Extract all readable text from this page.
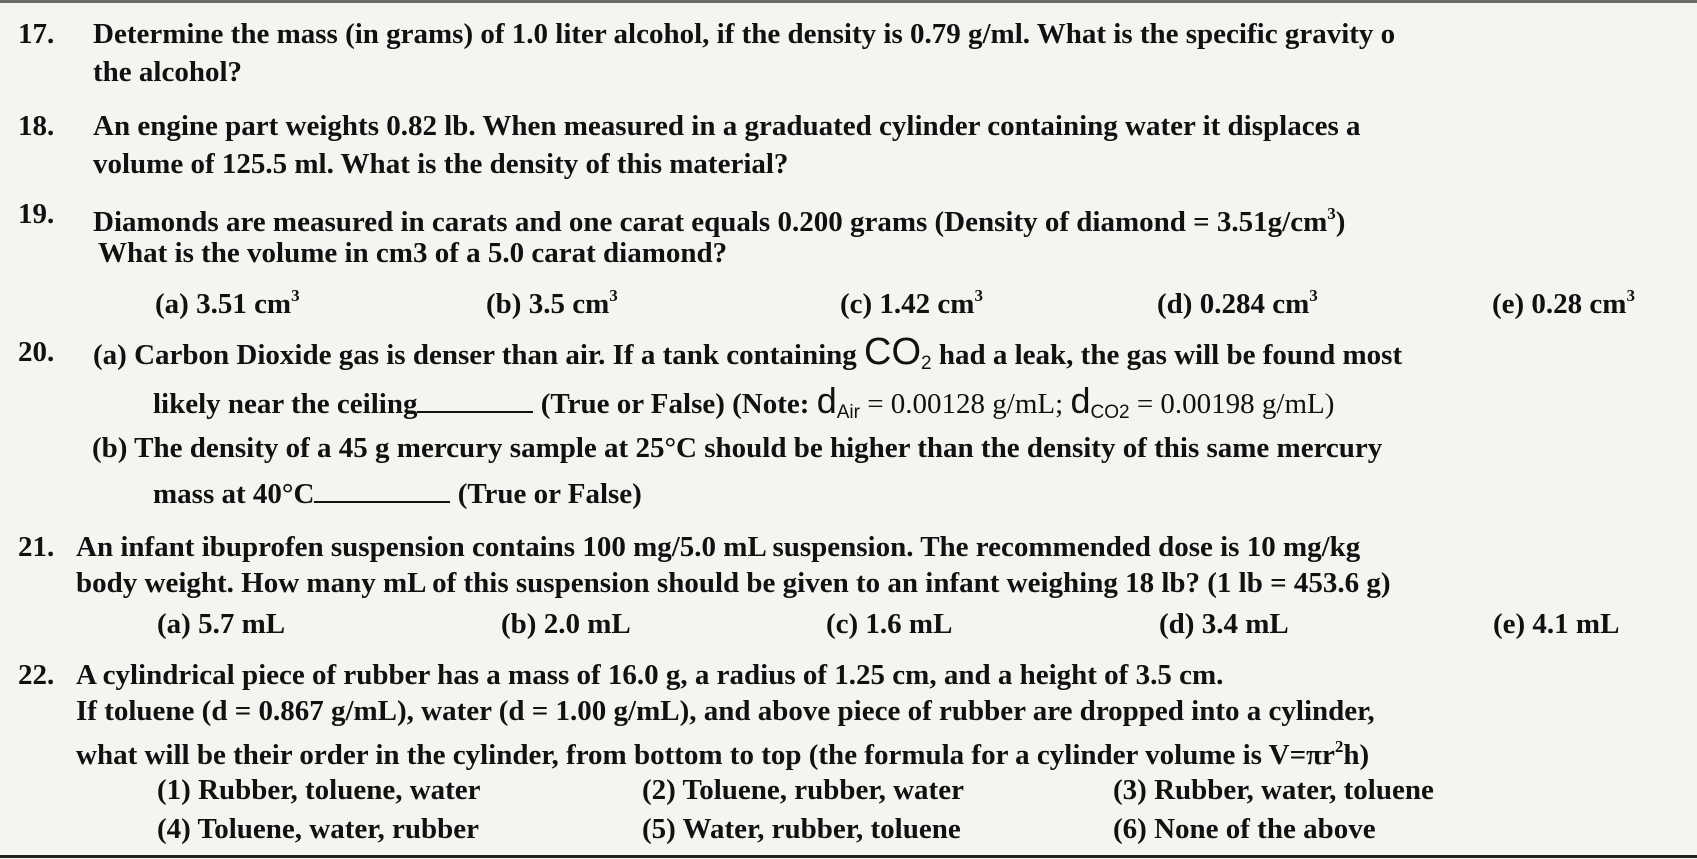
17. Determine the mass (in grams) of 1.0 liter alcohol, if the density is 0.79 g/ml. What is the specific gravity o
the alcohol?
18. An engine part weights 0.82 lb. When measured in a graduated cylinder containing water it displaces a
volume of 125.5 ml. What is the density of this material?
19. Diamonds are measured in carats and one carat equals 0.200 grams (Density of diamond = $3.51g/cm^3$)
What is the volume in cm3 of a 5.0 carat diamond?
(a) 3.51 $cm^3$	(b) 3.5 $cm^3$	(c) 1.42 $cm^3$	(d) 0.284 $cm^3$	(e) 0.28 $cm^3$
20. (a) Carbon Dioxide gas is denser than air. If a tank containing $CO_2$ had a leak, the gas will be found most
likely near the ceiling	(True or False) (Note: $d_{Air} = 0.00128$ g/mL; $d_{CO2} = 0.00198$ g/mL)
(b) The density of a 45 g mercury sample at 25°C should be higher than the density of this same mercury
mass at 40°C	(True or False)
21. An infant ibuprofen suspension contains 100 mg/5.0 mL suspension. The recommended dose is 10 mg/kg
body weight. How many mL of this suspension should be given to an infant weighing 18 lb? (1 lb = 453.6 g)
(a) 5.7 mL	(b) 2.0 mL	(c) 1.6 mL	(d) 3.4 mL	(e) 4.1 mL
22. A cylindrical piece of rubber has a mass of 16.0 g, a radius of 1.25 cm, and a height of 3.5 cm.
If toluene (d = 0.867 g/mL), water (d = 1.00 g/mL), and above piece of rubber are dropped into a cylinder,
what will be their order in the cylinder, from bottom to top (the formula for a cylinder volume is $V=\pi r^2h$)
(1) Rubber, toluene, water	(2) Toluene, rubber, water	(3) Rubber, water, toluene
(4) Toluene, water, rubber	(5) Water, rubber, toluene	(6) None of the above
